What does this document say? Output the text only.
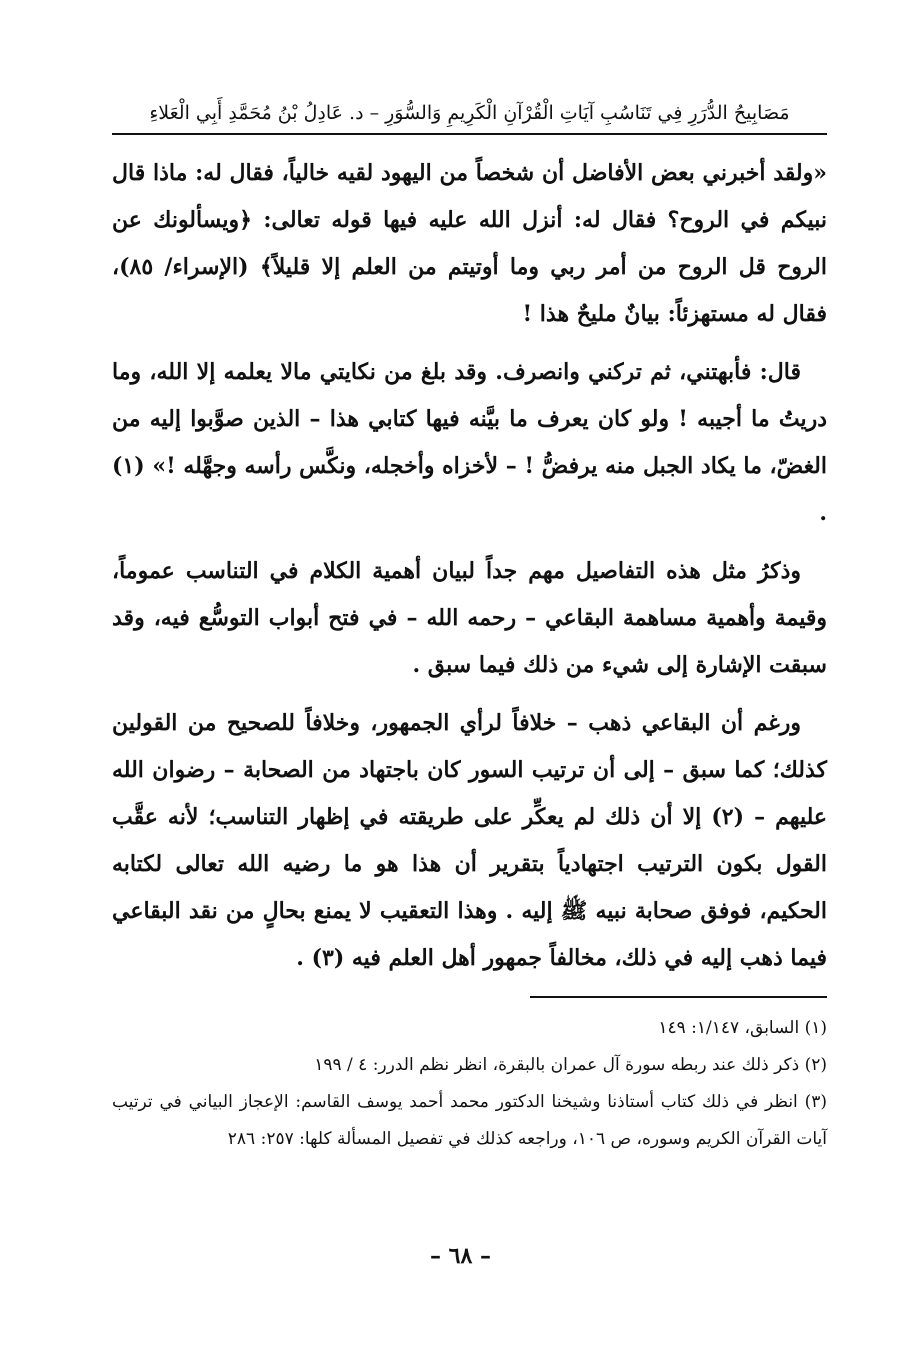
مَصَابِيحُ الدُّرَرِ فِي تَنَاسُبِ آيَاتِ الْقُرْآنِ الْكَرِيمِ وَالسُّوَرِ – د. عَادِلُ بْنُ مُحَمَّدِ أَبِي الْعَلاءِ

«ولقد أخبرني بعض الأفاضل أن شخصاً من اليهود لقيه خالياً، فقال له: ماذا قال نبيكم في الروح؟ فقال له: أنزل الله عليه فيها قوله تعالى: ﴿ويسألونك عن الروح قل الروح من أمر ربي وما أوتيتم من العلم إلا قليلاً﴾ (الإسراء/ ٨٥)، فقال له مستهزئاً: بيانٌ مليحٌ هذا !

قال: فأبهتني، ثم تركني وانصرف. وقد بلغ من نكايتي مالا يعلمه إلا الله، وما دريتُ ما أجيبه ! ولو كان يعرف ما بيَّنه فيها كتابي هذا – الذين صوَّبوا إليه من الغضّ، ما يكاد الجبل منه يرفضُّ ! – لأخزاه وأخجله، ونكَّس رأسه وجهَّله !» (١) .

وذكرُ مثل هذه التفاصيل مهم جداً لبيان أهمية الكلام في التناسب عموماً، وقيمة وأهمية مساهمة البقاعي – رحمه الله – في فتح أبواب التوسُّع فيه، وقد سبقت الإشارة إلى شيء من ذلك فيما سبق .

ورغم أن البقاعي ذهب – خلافاً لرأي الجمهور، وخلافاً للصحيح من القولين كذلك؛ كما سبق – إلى أن ترتيب السور كان باجتهاد من الصحابة – رضوان الله عليهم – (٢) إلا أن ذلك لم يعكِّر على طريقته في إظهار التناسب؛ لأنه عقَّب القول بكون الترتيب اجتهادياً بتقرير أن هذا هو ما رضيه الله تعالى لكتابه الحكيم، فوفق صحابة نبيه ﷺ إليه . وهذا التعقيب لا يمنع بحالٍ من نقد البقاعي فيما ذهب إليه في ذلك، مخالفاً جمهور أهل العلم فيه (٣) .

(١) السابق، ١/١٤٧: ١٤٩

(٢) ذكر ذلك عند ربطه سورة آل عمران بالبقرة، انظر نظم الدرر: ٤ / ١٩٩

(٣) انظر في ذلك كتاب أستاذنا وشيخنا الدكتور محمد أحمد يوسف القاسم: الإعجاز البياني في ترتيب آيات القرآن الكريم وسوره، ص ١٠٦، وراجعه كذلك في تفصيل المسألة كلها: ٢٥٧: ٢٨٦

– ٦٨ –
